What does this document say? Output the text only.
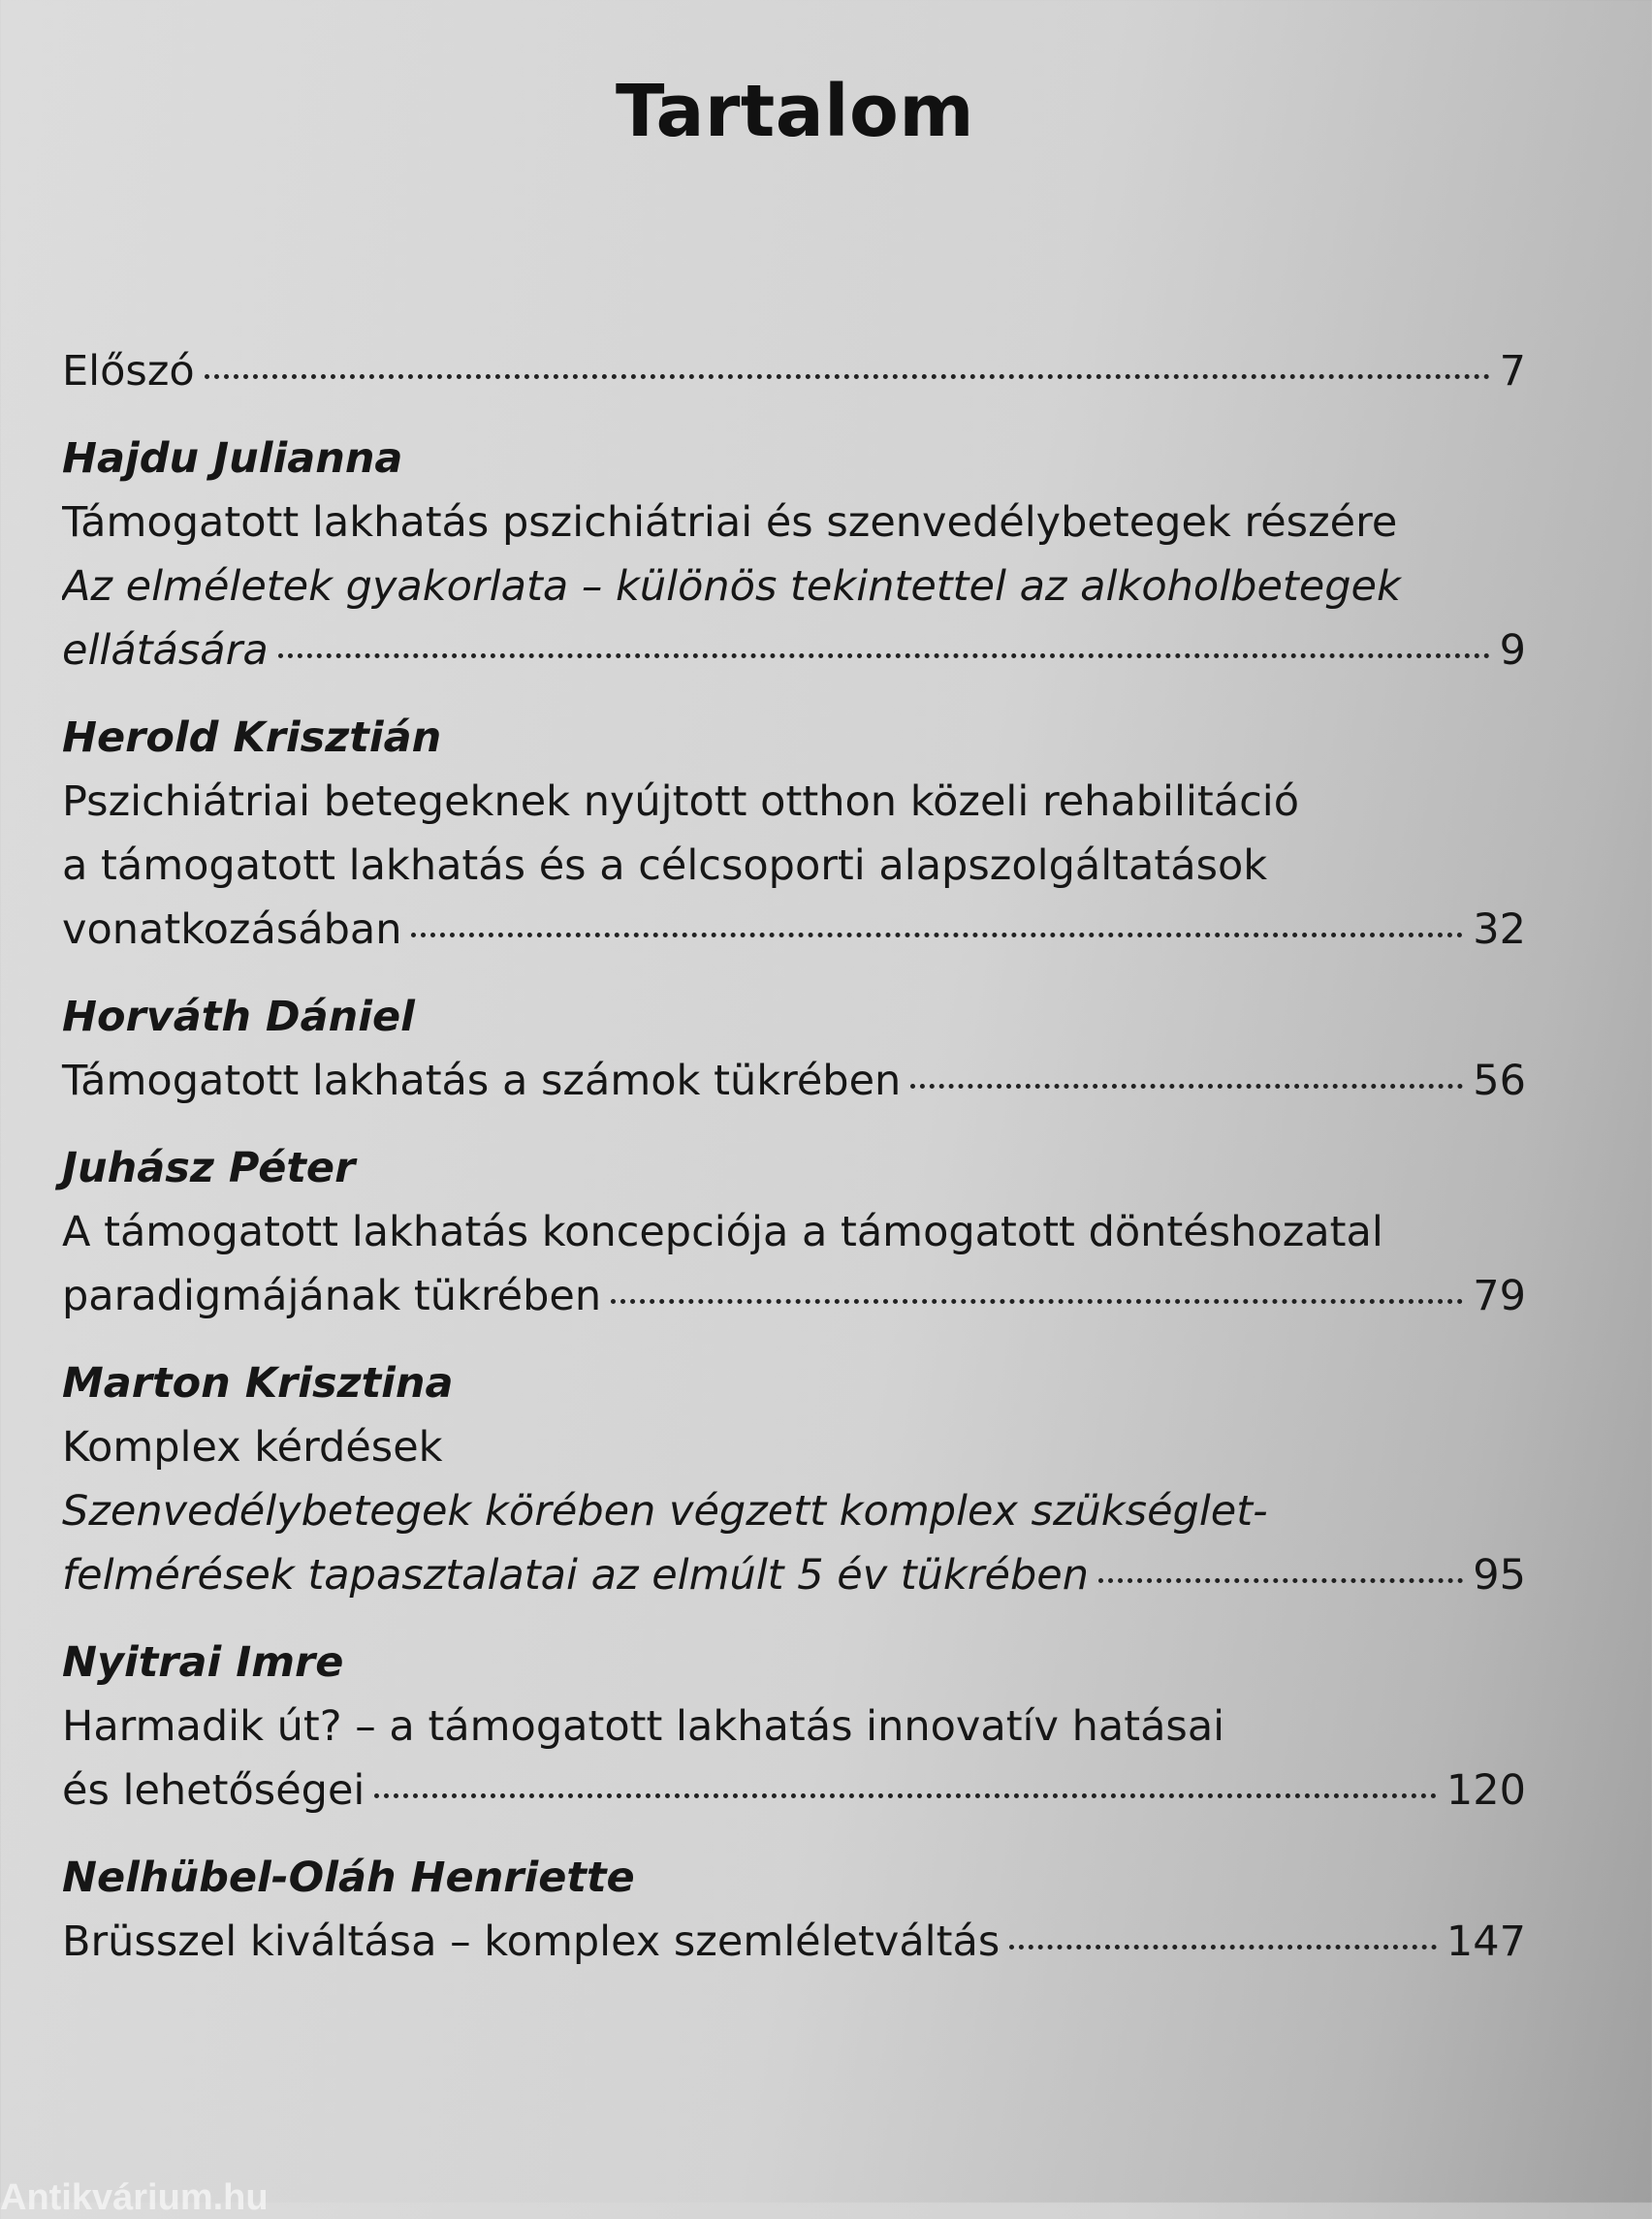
Tartalom
Előszó	7
Hajdu Julianna
Támogatott lakhatás pszichiátriai és szenvedélybetegek részére
Az elméletek gyakorlata – különös tekintettel az alkoholbetegek
ellátására	9
Herold Krisztián
Pszichiátriai betegeknek nyújtott otthon közeli rehabilitáció
a támogatott lakhatás és a célcsoporti alapszolgáltatások
vonatkozásában	32
Horváth Dániel
Támogatott lakhatás a számok tükrében	56
Juhász Péter
A támogatott lakhatás koncepciója a támogatott döntéshozatal
paradigmájának tükrében	79
Marton Krisztina
Komplex kérdések
Szenvedélybetegek körében végzett komplex szükséglet-
felmérések tapasztalatai az elmúlt 5 év tükrében	95
Nyitrai Imre
Harmadik út? – a támogatott lakhatás innovatív hatásai
és lehetőségei	120
Nelhübel-Oláh Henriette
Brüsszel kiváltása – komplex szemléletváltás	147
Antikvárium.hu
